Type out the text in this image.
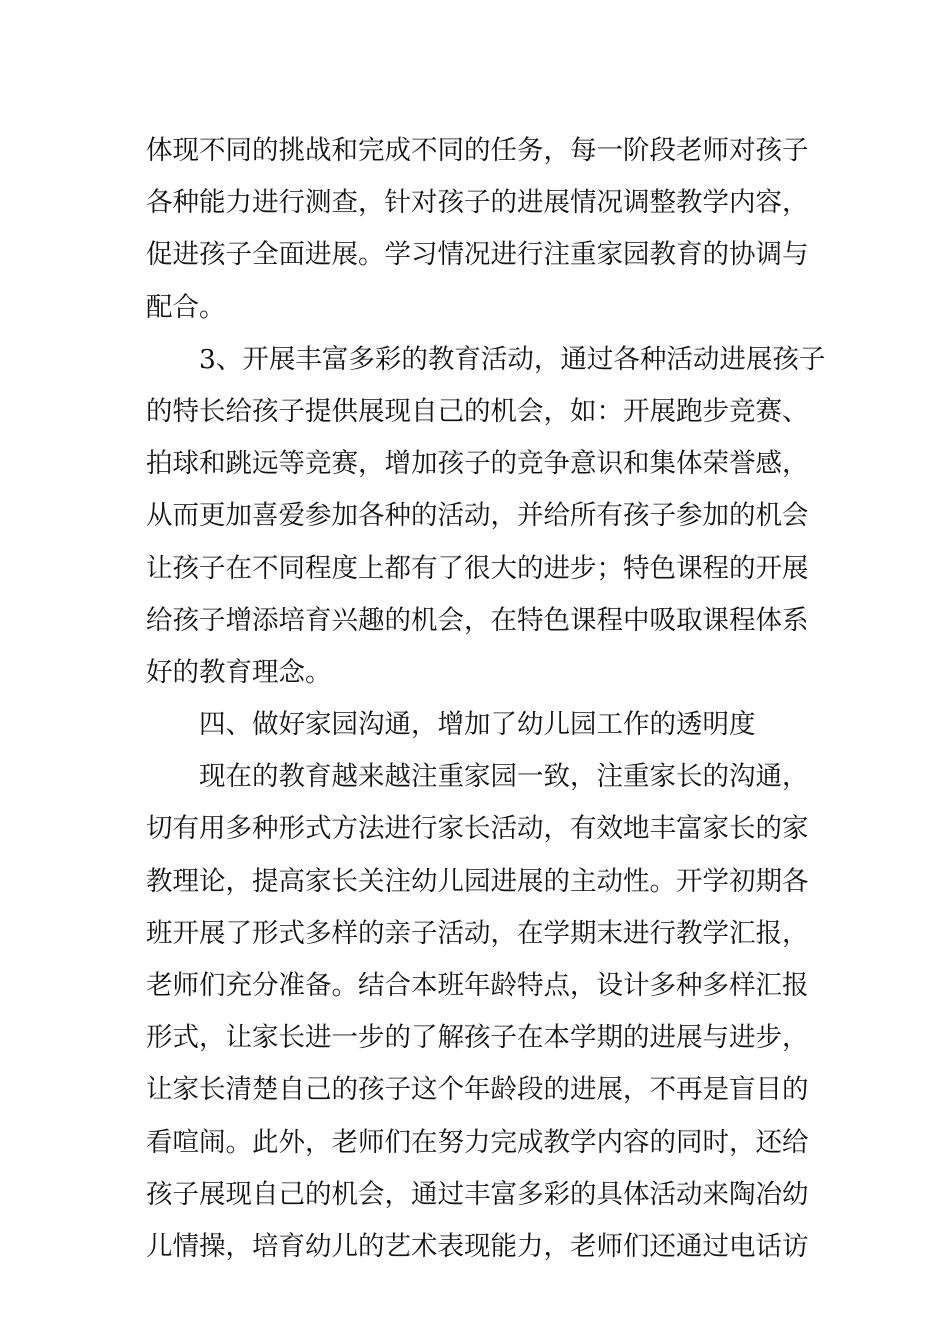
体现不同的挑战和完成不同的任务，每一阶段老师对孩子
各种能力进行测查，针对孩子的进展情况调整教学内容，
促进孩子全面进展。学习情况进行注重家园教育的协调与
配合。
3、开展丰富多彩的教育活动，通过各种活动进展孩子
的特长给孩子提供展现自己的机会，如：开展跑步竞赛、
拍球和跳远等竞赛，增加孩子的竞争意识和集体荣誉感，
从而更加喜爱参加各种的活动，并给所有孩子参加的机会
让孩子在不同程度上都有了很大的进步；特色课程的开展
给孩子增添培育兴趣的机会，在特色课程中吸取课程体系
好的教育理念。
四、做好家园沟通，增加了幼儿园工作的透明度
现在的教育越来越注重家园一致，注重家长的沟通，
切有用多种形式方法进行家长活动，有效地丰富家长的家
教理论，提高家长关注幼儿园进展的主动性。开学初期各
班开展了形式多样的亲子活动，在学期末进行教学汇报，
老师们充分准备。结合本班年龄特点，设计多种多样汇报
形式，让家长进一步的了解孩子在本学期的进展与进步，
让家长清楚自己的孩子这个年龄段的进展，不再是盲目的
看喧闹。此外，老师们在努力完成教学内容的同时，还给
孩子展现自己的机会，通过丰富多彩的具体活动来陶冶幼
儿情操，培育幼儿的艺术表现能力，老师们还通过电话访
